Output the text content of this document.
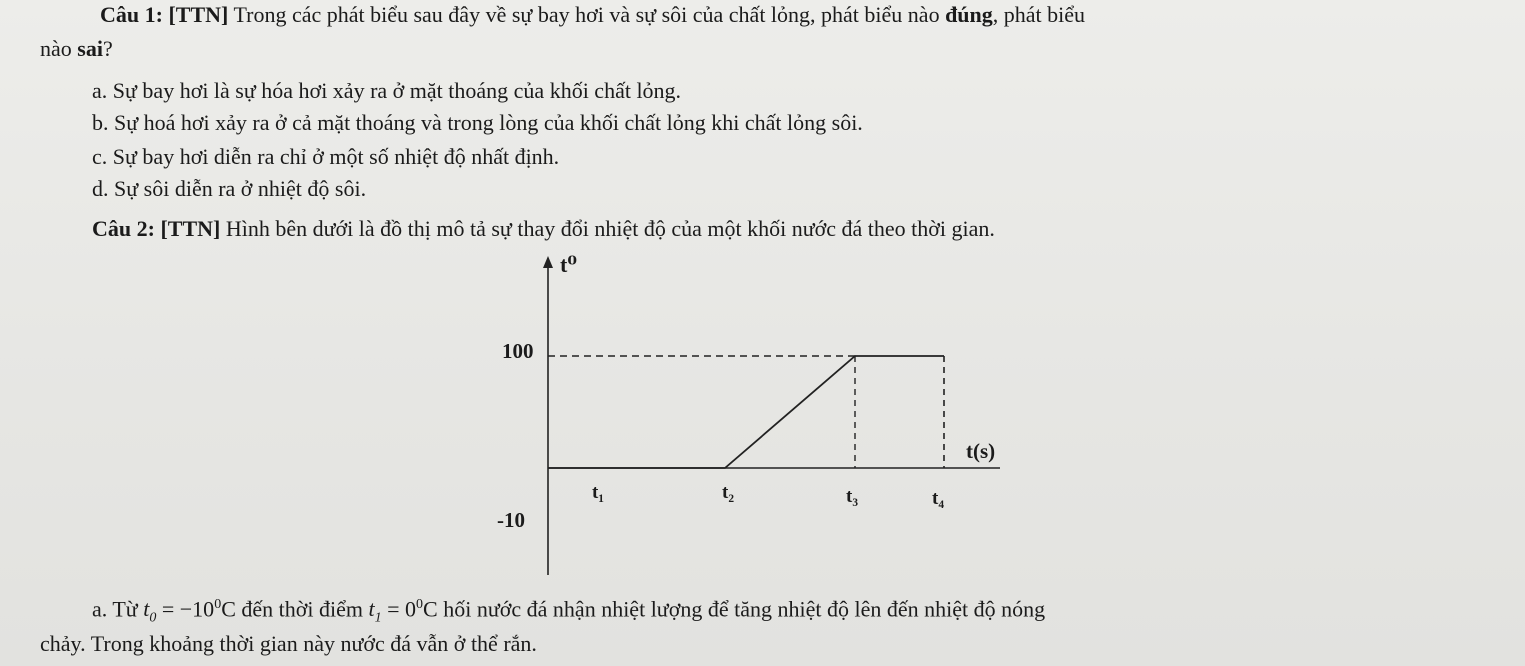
Câu 1: [TTN] Trong các phát biểu sau đây về sự bay hơi và sự sôi của chất lỏng, phát biểu nào đúng, phát biểu
nào sai?
a. Sự bay hơi là sự hóa hơi xảy ra ở mặt thoáng của khối chất lỏng.
b. Sự hoá hơi xảy ra ở cả mặt thoáng và trong lòng của khối chất lỏng khi chất lỏng sôi.
c. Sự bay hơi diễn ra chỉ ở một số nhiệt độ nhất định.
d. Sự sôi diễn ra ở nhiệt độ sôi.
Câu 2: [TTN] Hình bên dưới là đồ thị mô tả sự thay đổi nhiệt độ của một khối nước đá theo thời gian.
t⁰
t(s)
100
-10
t₁	t₂	t₃	t₄
a. Từ $t_0 = -10^0C$ đến thời điểm $t_1 = 0^0C$ hối nước đá nhận nhiệt lượng để tăng nhiệt độ lên đến nhiệt độ nóng
chảy. Trong khoảng thời gian này nước đá vẫn ở thể rắn.
